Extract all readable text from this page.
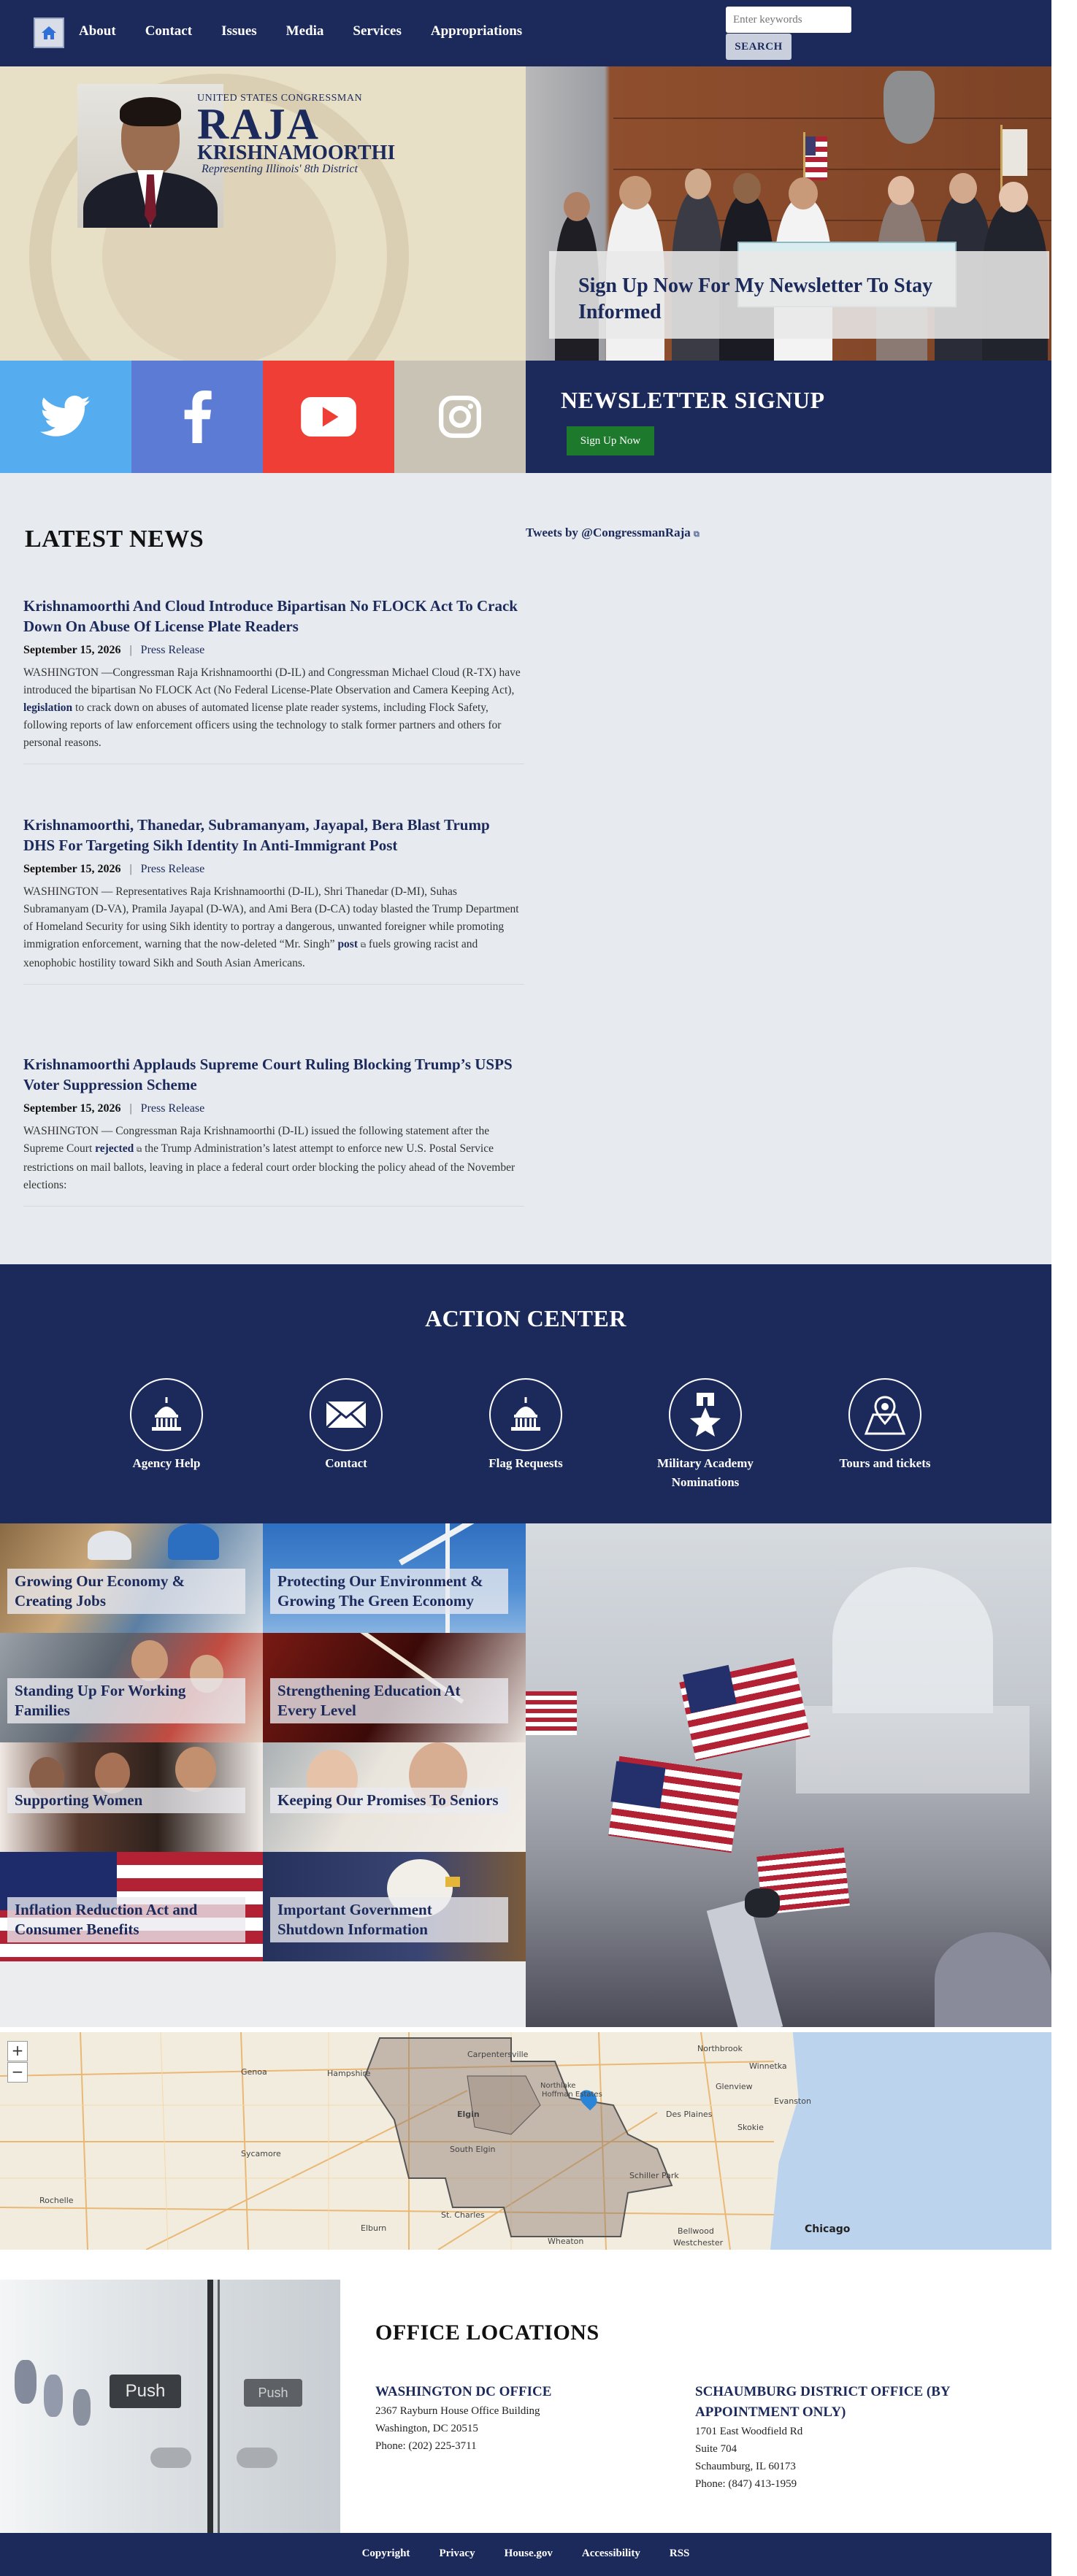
About Contact Issues Media Services Appropriations
Enter keywords
SEARCH
UNITED STATES CONGRESSMAN
RAJA
KRISHNAMOORTHI
Representing Illinois' 8th District
Sign Up Now For My Newsletter To Stay Informed
NEWSLETTER SIGNUP
Sign Up Now
LATEST NEWS	Tweets by @CongressmanRaja ⧉
Krishnamoorthi And Cloud Introduce Bipartisan No FLOCK Act To Crack Down On Abuse Of License Plate Readers
September 15, 2026 | Press Release
WASHINGTON —Congressman Raja Krishnamoorthi (D-IL) and Congressman Michael Cloud (R-TX) have introduced the bipartisan No FLOCK Act (No Federal License-Plate Observation and Camera Keeping Act), legislation to crack down on abuses of automated license plate reader systems, including Flock Safety, following reports of law enforcement officers using the technology to stalk former partners and others for personal reasons.
Krishnamoorthi, Thanedar, Subramanyam, Jayapal, Bera Blast Trump DHS For Targeting Sikh Identity In Anti-Immigrant Post
September 15, 2026 | Press Release
WASHINGTON — Representatives Raja Krishnamoorthi (D-IL), Shri Thanedar (D-MI), Suhas Subramanyam (D-VA), Pramila Jayapal (D-WA), and Ami Bera (D-CA) today blasted the Trump Department of Homeland Security for using Sikh identity to portray a dangerous, unwanted foreigner while promoting immigration enforcement, warning that the now-deleted “Mr. Singh” post ⧉ fuels growing racist and xenophobic hostility toward Sikh and South Asian Americans.
Krishnamoorthi Applauds Supreme Court Ruling Blocking Trump’s USPS Voter Suppression Scheme
September 15, 2026 | Press Release
WASHINGTON — Congressman Raja Krishnamoorthi (D-IL) issued the following statement after the Supreme Court rejected ⧉ the Trump Administration’s latest attempt to enforce new U.S. Postal Service restrictions on mail ballots, leaving in place a federal court order blocking the policy ahead of the November elections:
ACTION CENTER
Agency Help	Contact	Flag Requests	Military Academy Nominations
Tours and tickets
Growing Our Economy & Creating Jobs
Protecting Our Environment & Growing The Green Economy
Standing Up For Working Families
Strengthening Education At Every Level
Supporting Women	Keeping Our Promises To Seniors
Inflation Reduction Act and Consumer Benefits
Important Government Shutdown Information
+
−
Carpentersville
Genoa	Hampshire
Northbrook
Winnetka
Glenview
Evanston
Elgin	Des Plaines
Skokie
Sycamore	South Elgin
Schiller Park
Rochelle
St. Charles
Elburn	Bellwood
Westchester
Wheaton
Chicago
Northlake
Hoffman Estates
Push	Push
OFFICE LOCATIONS
WASHINGTON DC OFFICE
2367 Rayburn House Office Building
Washington, DC 20515
Phone: (202) 225-3711
SCHAUMBURG DISTRICT OFFICE (BY APPOINTMENT ONLY)
1701 East Woodfield Rd
Suite 704
Schaumburg, IL 60173
Phone: (847) 413-1959
Copyright	Privacy	House.gov	Accessibility	RSS
